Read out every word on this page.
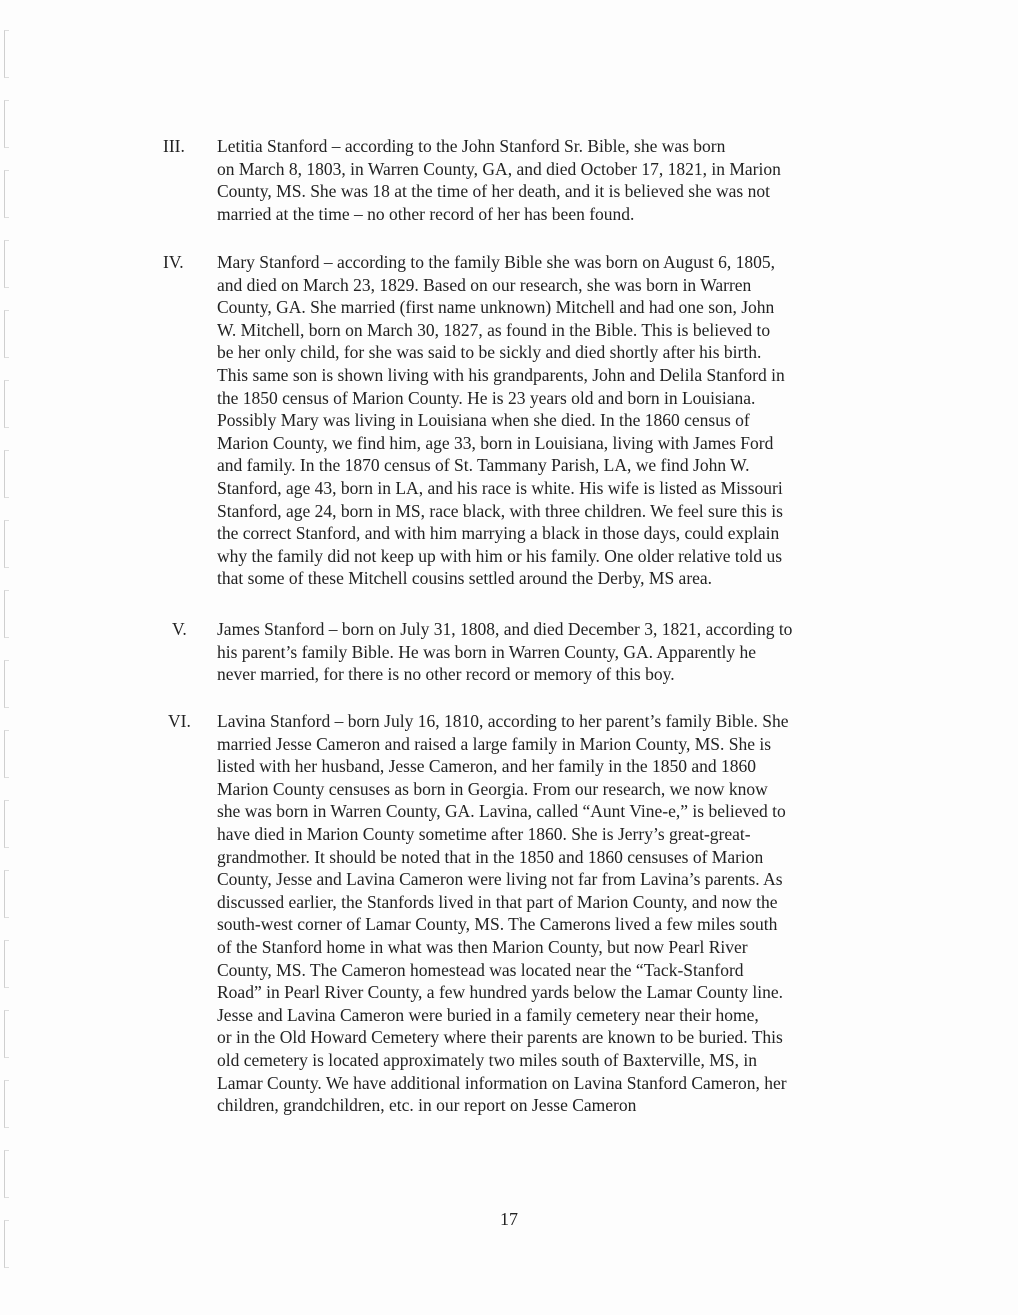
III. Letitia Stanford – according to the John Stanford Sr. Bible, she was born
on March 8, 1803, in Warren County, GA, and died October 17, 1821, in Marion
County, MS. She was 18 at the time of her death, and it is believed she was not
married at the time – no other record of her has been found.
IV. Mary Stanford – according to the family Bible she was born on August 6, 1805,
and died on March 23, 1829. Based on our research, she was born in Warren
County, GA. She married (first name unknown) Mitchell and had one son, John
W. Mitchell, born on March 30, 1827, as found in the Bible. This is believed to
be her only child, for she was said to be sickly and died shortly after his birth.
This same son is shown living with his grandparents, John and Delila Stanford in
the 1850 census of Marion County. He is 23 years old and born in Louisiana.
Possibly Mary was living in Louisiana when she died. In the 1860 census of
Marion County, we find him, age 33, born in Louisiana, living with James Ford
and family. In the 1870 census of St. Tammany Parish, LA, we find John W.
Stanford, age 43, born in LA, and his race is white. His wife is listed as Missouri
Stanford, age 24, born in MS, race black, with three children. We feel sure this is
the correct Stanford, and with him marrying a black in those days, could explain
why the family did not keep up with him or his family. One older relative told us
that some of these Mitchell cousins settled around the Derby, MS area.
V. James Stanford – born on July 31, 1808, and died December 3, 1821, according to
his parent’s family Bible. He was born in Warren County, GA. Apparently he
never married, for there is no other record or memory of this boy.
VI. Lavina Stanford – born July 16, 1810, according to her parent’s family Bible. She
married Jesse Cameron and raised a large family in Marion County, MS. She is
listed with her husband, Jesse Cameron, and her family in the 1850 and 1860
Marion County censuses as born in Georgia. From our research, we now know
she was born in Warren County, GA. Lavina, called “Aunt Vine-e,” is believed to
have died in Marion County sometime after 1860. She is Jerry’s great-great-
grandmother. It should be noted that in the 1850 and 1860 censuses of Marion
County, Jesse and Lavina Cameron were living not far from Lavina’s parents. As
discussed earlier, the Stanfords lived in that part of Marion County, and now the
south-west corner of Lamar County, MS. The Camerons lived a few miles south
of the Stanford home in what was then Marion County, but now Pearl River
County, MS. The Cameron homestead was located near the “Tack-Stanford
Road” in Pearl River County, a few hundred yards below the Lamar County line.
Jesse and Lavina Cameron were buried in a family cemetery near their home,
or in the Old Howard Cemetery where their parents are known to be buried. This
old cemetery is located approximately two miles south of Baxterville, MS, in
Lamar County. We have additional information on Lavina Stanford Cameron, her
children, grandchildren, etc. in our report on Jesse Cameron
17
